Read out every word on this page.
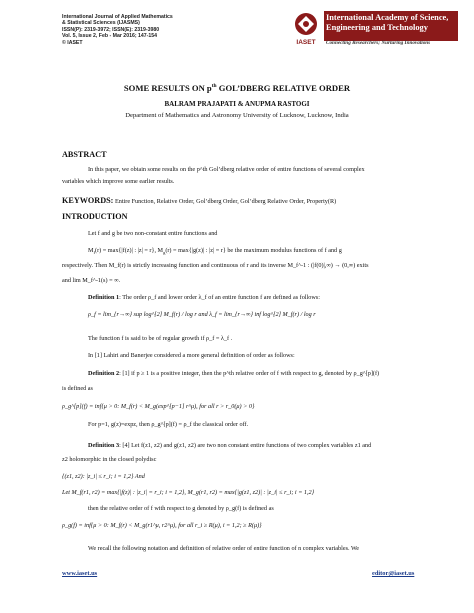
International Journal of Applied Mathematics
& Statistical Sciences (IJASMS)
ISSN(P): 2319-3972; ISSN(E): 2319-3980
Vol. 5, Issue 2, Feb - Mar 2016; 147-154
© IASET	IASET
International Academy of Science,
Engineering and Technology
Connecting Researchers; Nurturing Innovations
SOME RESULTS ON $p^{th}$ GOL’DBERG RELATIVE ORDER
BALRAM PRAJAPATI & ANUPMA RASTOGI
Department of Mathematics and Astronomy University of Lucknow, Lucknow, India
ABSTRACT
In this paper, we obtain some results on the p^th Gol’dberg relative order of entire functions of several complex
variables which improve some earlier results.
KEYWORDS: Entire Function, Relative Order, Gol’dberg Order, Gol’dberg Relative Order, Property(R)
INTRODUCTION
Let f and g be two non-constant entire functions and
$M_f(r) = \max\{|f(z)|$ : |z| = r}, $M_g(r) = \max\{|g(z)|$ : |z| = r} be the maximum modulus functions of f and g
respectively. Then M_f(r) is strictly increasing function and continuous of r and its inverse M_f^-1 : (|f(0)|,∞) → (0,∞) exits
and lim M_f^-1(s) = ∞.
Definition 1: The order ρ_f and lower order λ_f of an entire function f are defined as follows:
ρ_f = lim_{r→∞} sup log^[2] M_f(r) / log r and λ_f = lim_{r→∞} inf log^[2] M_f(r) / log r
The function f is said to be of regular growth if ρ_f = λ_f .
In [1] Lahiri and Banerjee considered a more general definition of order as follows:
Definition 2: [1] if p ≥ 1 is a positive integer, then the p^th relative order of f with respect to g, denoted by ρ_g^[p](f)
is defined as
ρ_g^[p](f) = inf{μ > 0: M_f(r) < M_g(exp^[p−1] r^μ), for all r > r_0(μ) > 0}
For p=1, g(z)=expz, then ρ_g^[p](f) = ρ_f the classical order off.
Definition 3: [4] Let f(z1, z2) and g(z1, z2) are two non constant entire functions of two complex variables z1 and
z2 holomorphic in the closed polydisc
{(z1, z2): |z_i| ≤ r_i; i = 1,2} And
Let M_f(r1, r2) = max{|f(z)| : |z_i| = r_i; i = 1,2}, M_g(r1, r2) = max{|g(z1, z2)| : |z_i| ≤ r_i; i = 1,2}
then the relative order of f with respect to g denoted by ρ_g(f) is defined as
ρ_g(f) = inf{μ > 0: M_f(r) < M_g(r1^μ, r2^μ), for all r_i ≥ R(μ), i = 1,2; ≥ R(μ)}
We recall the following notation and definition of relative order of entire function of n complex variables. We
www.iaset.us	editor@iaset.us
